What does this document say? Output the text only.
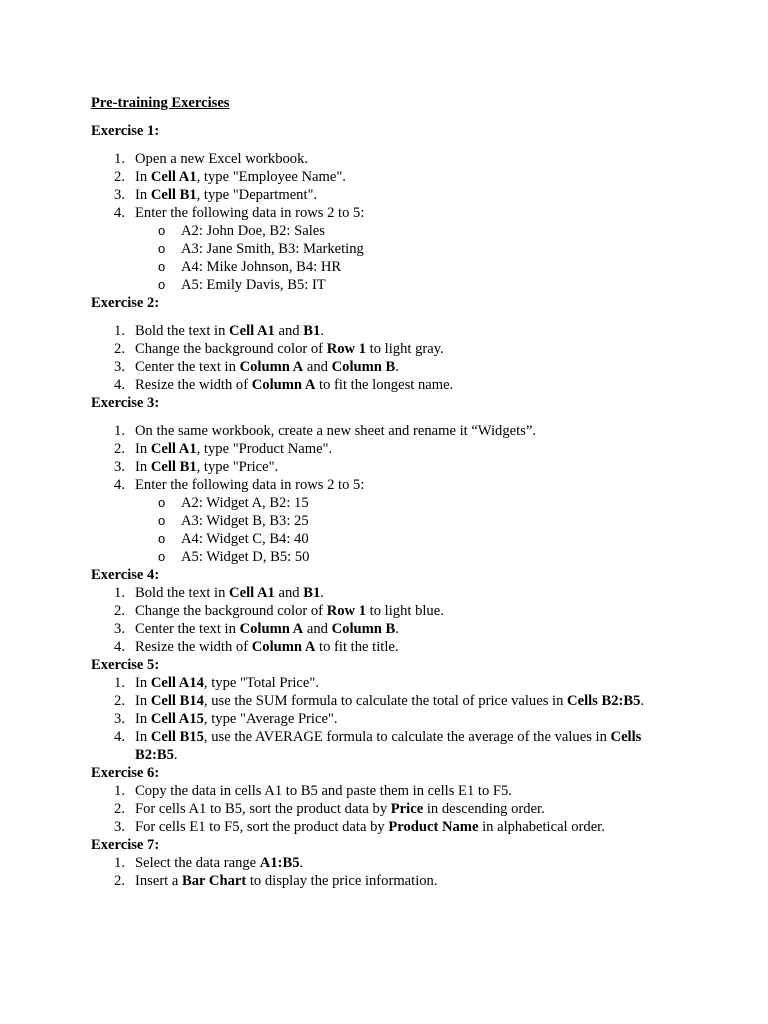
Pre-training Exercises
Exercise 1:
1. Open a new Excel workbook.
2. In Cell A1, type "Employee Name".
3. In Cell B1, type "Department".
4. Enter the following data in rows 2 to 5:
o A2: John Doe, B2: Sales
o A3: Jane Smith, B3: Marketing
o A4: Mike Johnson, B4: HR
o A5: Emily Davis, B5: IT
Exercise 2:
1. Bold the text in Cell A1 and B1.
2. Change the background color of Row 1 to light gray.
3. Center the text in Column A and Column B.
4. Resize the width of Column A to fit the longest name.
Exercise 3:
1. On the same workbook, create a new sheet and rename it “Widgets”.
2. In Cell A1, type "Product Name".
3. In Cell B1, type "Price".
4. Enter the following data in rows 2 to 5:
o A2: Widget A, B2: 15
o A3: Widget B, B3: 25
o A4: Widget C, B4: 40
o A5: Widget D, B5: 50
Exercise 4:
1. Bold the text in Cell A1 and B1.
2. Change the background color of Row 1 to light blue.
3. Center the text in Column A and Column B.
4. Resize the width of Column A to fit the title.
Exercise 5:
1. In Cell A14, type "Total Price".
2. In Cell B14, use the SUM formula to calculate the total of price values in Cells B2:B5.
3. In Cell A15, type "Average Price".
4. In Cell B15, use the AVERAGE formula to calculate the average of the values in Cells B2:B5.
Exercise 6:
1. Copy the data in cells A1 to B5 and paste them in cells E1 to F5.
2. For cells A1 to B5, sort the product data by Price in descending order.
3. For cells E1 to F5, sort the product data by Product Name in alphabetical order.
Exercise 7:
1. Select the data range A1:B5.
2. Insert a Bar Chart to display the price information.
